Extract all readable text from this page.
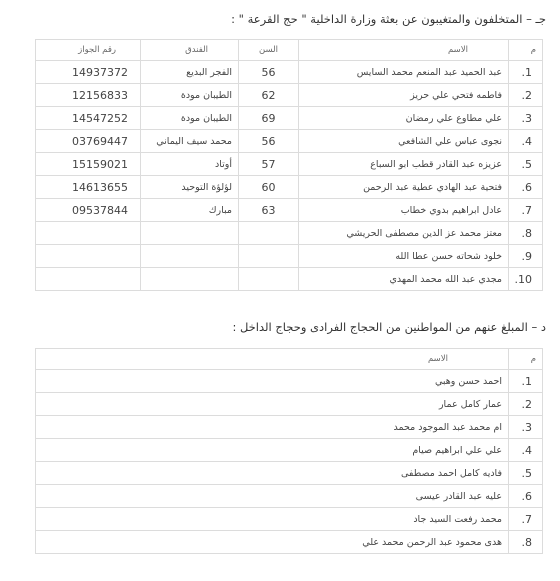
جـ – المتخلفون والمتغيبون عن بعثة وزارة الداخلية " حج القرعة " :
م	الاسم	السن	الفندق	رقم الجواز
1.	عبد الحميد عبد المنعم محمد السايس	56	الفجر البديع	14937372
2.	فاطمه فتحي علي حريز	62	الطيبان مودة	12156833
3.	علي مطاوع علي رمضان	69	الطيبان مودة	14547252
4.	نجوى عباس علي الشافعي	56	محمد سيف اليماني	03769447
5.	عزيزه عبد القادر قطب ابو السباع	57	أوتاد	15159021
6.	فتحية عبد الهادي عطية عبد الرحمن	60	لؤلؤة التوحيد	14613655
7.	عادل ابراهيم بدوي خطاب	63	مبارك	09537844
8.	معتز محمد عز الدين مصطفى الحريشي			
9.	خلود شحاته حسن عطا الله			
10.	مجدي عبد الله محمد المهدي			
د – المبلغ عنهم من المواطنين من الحجاج الفرادى وحجاج الداخل :
م	الاسم
1.	احمد حسن وهبي
2.	عمار كامل عمار
3.	ام محمد عبد الموجود محمد
4.	علي علي ابراهيم صيام
5.	فاديه كامل احمد مصطفى
6.	عليه عبد القادر عيسى
7.	محمد رفعت السيد جاد
8.	هدى محمود عبد الرحمن محمد علي
